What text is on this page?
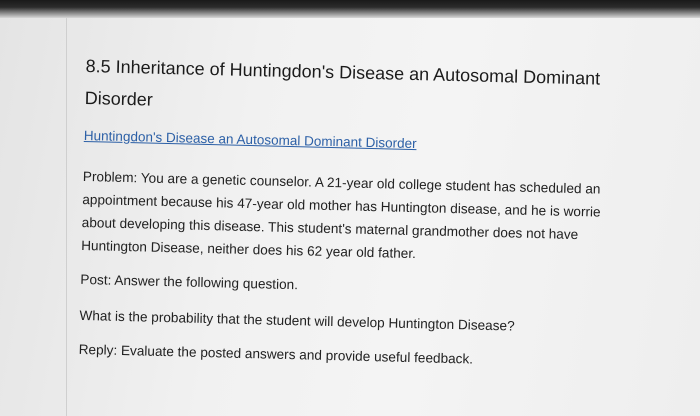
8.5 Inheritance of Huntingdon's Disease an Autosomal Dominant
Disorder
Huntingdon's Disease an Autosomal Dominant Disorder
Problem: You are a genetic counselor. A 21-year old college student has scheduled an
appointment because his 47-year old mother has Huntington disease, and he is worrie
about developing this disease. This student's maternal grandmother does not have
Huntington Disease, neither does his 62 year old father.
Post: Answer the following question.
What is the probability that the student will develop Huntington Disease?
Reply: Evaluate the posted answers and provide useful feedback.
